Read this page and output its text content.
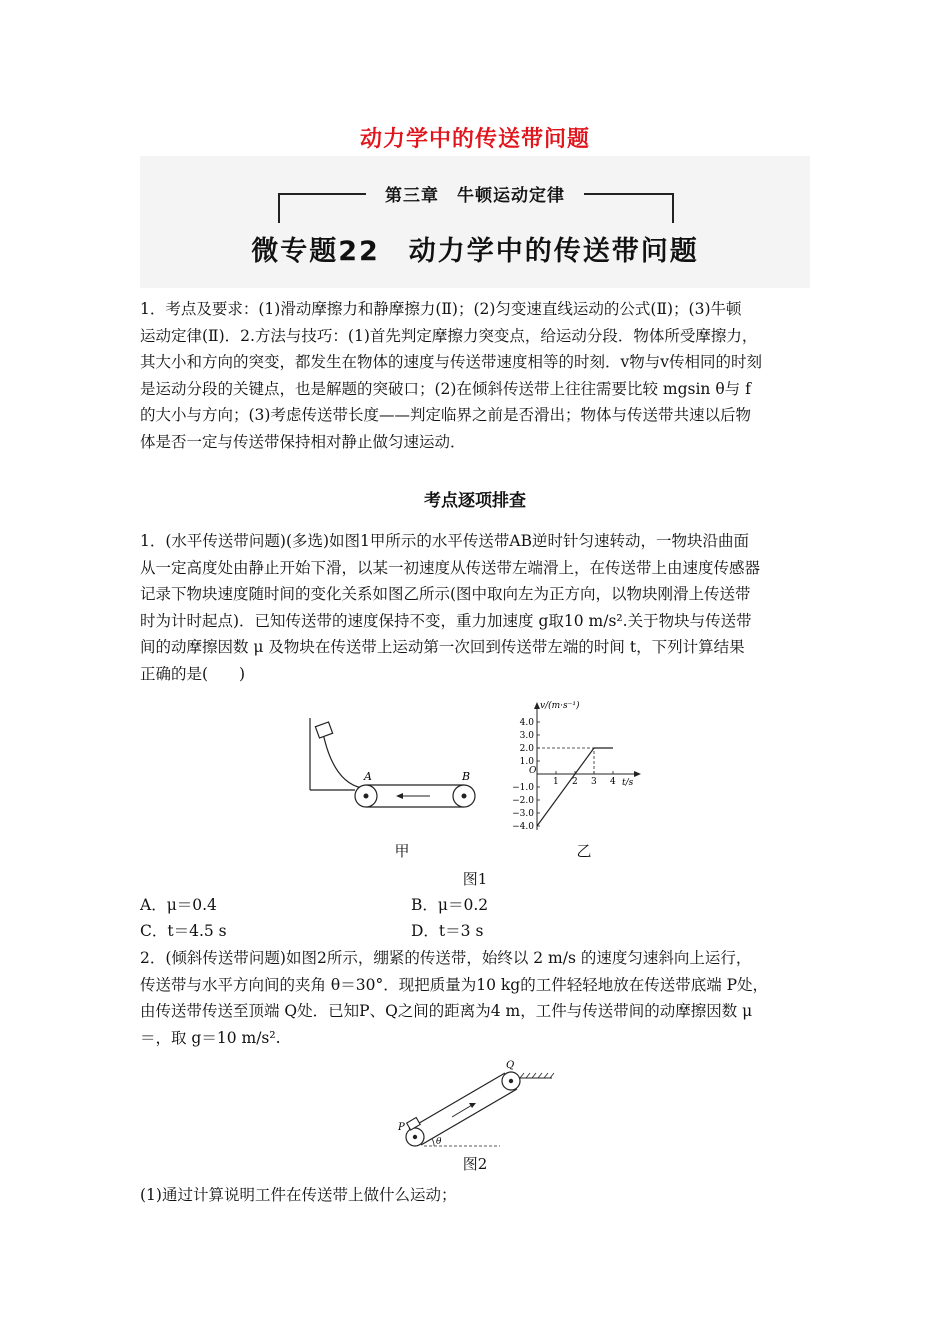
动力学中的传送带问题
第三章　牛顿运动定律
微专题22　动力学中的传送带问题
1．考点及要求：(1)滑动摩擦力和静摩擦力(Ⅱ)；(2)匀变速直线运动的公式(Ⅱ)；(3)牛顿
运动定律(Ⅱ)．2.方法与技巧：(1)首先判定摩擦力突变点，给运动分段．物体所受摩擦力，
其大小和方向的突变，都发生在物体的速度与传送带速度相等的时刻．v物与v传相同的时刻
是运动分段的关键点，也是解题的突破口；(2)在倾斜传送带上往往需要比较 mgsin θ与 f
的大小与方向；(3)考虑传送带长度——判定临界之前是否滑出；物体与传送带共速以后物
体是否一定与传送带保持相对静止做匀速运动．
考点逐项排查
1．(水平传送带问题)(多选)如图1甲所示的水平传送带AB逆时针匀速转动，一物块沿曲面
从一定高度处由静止开始下滑，以某一初速度从传送带左端滑上，在传送带上由速度传感器
记录下物块速度随时间的变化关系如图乙所示(图中取向左为正方向，以物块刚滑上传送带
时为计时起点)．已知传送带的速度保持不变，重力加速度 g取10 m/s².关于物块与传送带
间的动摩擦因数 μ 及物块在传送带上运动第一次回到传送带左端的时间 t，下列计算结果
正确的是(　　)
A	B
v/(m·s⁻¹)
t/s
O
1 2 3 4
4.0
3.0
2.0
1.0
−1.0
−2.0
−3.0
−4.0
甲	乙
图1
A．μ＝0.4	B．μ＝0.2
C．t＝4.5 s	D．t＝3 s
2．(倾斜传送带问题)如图2所示，绷紧的传送带，始终以 2 m/s 的速度匀速斜向上运行，
传送带与水平方向间的夹角 θ＝30°．现把质量为10 kg的工件轻轻地放在传送带底端 P处，
由传送带传送至顶端 Q处．已知P、Q之间的距离为4 m，工件与传送带间的动摩擦因数 μ
＝，取 g＝10 m/s².
P
Q
θ
图2
(1)通过计算说明工件在传送带上做什么运动；
